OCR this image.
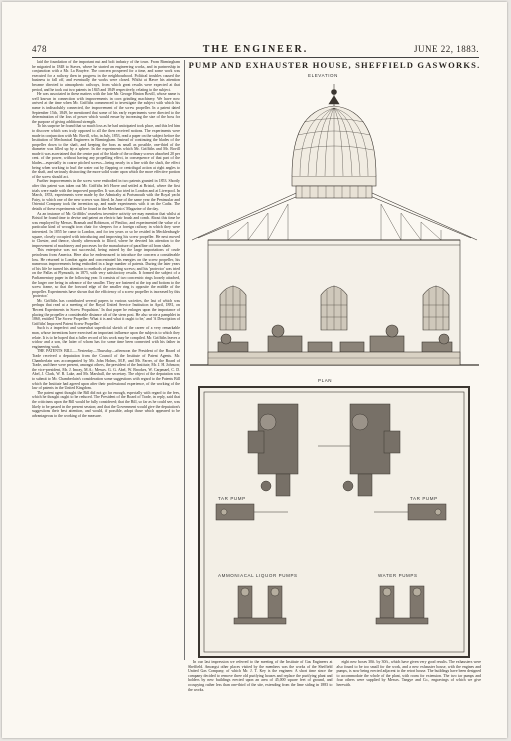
478	THE ENGINEER.	JUNE 22, 1883.
laid the foundation of the important nut and bolt industry of the town. From Birmingham he migrated in 1848 to Staves, where he started an engineering works, and in partnership in conjunction with a Mr. La Bruyère. The concern prospered for a time, and some work was executed for a railway then in progress in the neighbourhood. Political troubles caused the business to fall off, and eventually the works were closed. Whilst at Havre his attention became directed to atmospheric railways, from which great results were expected at that period, and he took out two patents in 1845 and 1849 respectively, relating to the subject.
He was associated in these matters with the late Mr. George Hinton Bovill, whose name is well known in connection with improvements in corn grinding machinery. We have now arrived at the time when Mr. Griffiths commenced to investigate the subject with which his name is indissolubly connected, the improvement of the screw propeller. In a patent dated September 15th, 1849, he mentioned that some of his early experiments were directed to the determination of the loss of power which would ensue by increasing the size of the boss for the purpose of giving additional strength.
To his surprise he found that so much loss as he had anticipated took place, and this led him to discover which was truly opposed to all the then received notions. The experiments were made in conjunction with Mr. Bovill, who, in July, 1853, read a paper on the subject before the Institution of Mechanical Engineers in Birmingham. Instead of continuing the blades of the propeller down to the shaft, and keeping the boss as small as possible, one-third of the diameter was filled up by a sphere. In the experiments which Mr. Griffiths and Mr. Bovill made it was ascertained that the centre part of the blade of the ordinary screws absorbed 20 per cent. of the power, without having any propelling effect, in consequence of that part of the blades—especially in coarse pitched screws—being nearly in a line with the shaft, the effect being when working to hurl the water out by flapping or centrifugal action at right angles to the shaft, and seriously distracting the more solid water upon which the more effective portion of the screw should act.
Further improvements in the screw were embodied in two patents granted in 1853. Shortly after this patent was taken out Mr. Griffiths left Havre and settled at Bristol, where the first trials were made with the improved propeller. It was also tried in London and at Liverpool. In March, 1853, experiments were made by the Admiralty at Portsmouth with the Royal yacht Fairy, to which one of the new screws was fitted. In June of the same year the Peninsular and Oriental Company took the invention up, and made experiments with it on the Cadiz. The details of these experiments will be found in the Mechanics' Magazine of the day.
As an instance of Mr. Griffiths' ceaseless inventive activity we may mention that whilst at Bristol he found time to devise and patent an electric hair brush and comb. About this time he was employed by Messrs. Bramah and Robinson, of Pimlico, and experimented the value of a particular kind of wrought iron chair for sleepers for a foreign railway in which they were interested. In 1855 he came to London, and for ten years or so he resided in Mecklenburgh-square, closely occupied with introducing and improving his screw propeller. He next moved to Chester, and thence, shortly afterwards to Ilford, where he devoted his attention to the improvement of machinery and processes for the manufacture of paraffine oil from shale.
This enterprise was not successful, being ruined by the large importations of crude petroleum from America. Here also he endeavoured to introduce the concern a considerable loss. He returned to London again and concentrated his energies on the screw propeller, his numerous improvements being embodied in a large number of patents. During the later years of his life he turned his attention to methods of protecting screws; and his 'protector' was tried on the Pallas at Plymouth, in 1875, with very satisfactory results. It formed the subject of a Parliamentary paper in the following year. It consists of two concentric rings loosely attached, the larger one being in advance of the smaller. They are fastened at the top and bottom to the screw frame, so that the forward edge of the smaller ring is opposite the middle of the propeller. Experiments have shown that the efficiency of a screw propeller is increased by this 'protector.'
Mr. Griffiths has contributed several papers to various societies, the last of which was perhaps that read at a meeting of the Royal United Service Institution in April, 1881, on 'Recent Experiments in Screw Propulsion.' In that paper he enlarges upon the importance of placing the propeller a considerable distance aft of the stern post. He also wrote a pamphlet in 1860, entitled 'The Screw Propeller: What it is and what it ought to be,' and 'A Description of Griffiths' Improved Patent Screw Propeller.'
Such is a imperfect and somewhat superficial sketch of the career of a very remarkable man, whose inventions have exercised an important influence upon the subjects to which they relate. It is to be hoped that a fuller record of his work may be compiled. Mr. Griffiths leaves a widow and a son, the latter of whom has for some time been connected with his father in engineering work.
THE PATENTS BILL.—Yesterday—Thursday—afternoon the President of the Board of Trade received a deputation from the Council of the Institute of Patent Agents. Mr. Chamberlain was accompanied by Mr. John Holms, M.P., and Mr. Farrer, of the Board of Trade, and there were present, amongst others, the president of the Institute, Mr. J. H. Johnson; the vice-president, Mr. J. Imray, M.A.; Messrs. G. G. Abel, W. Brookes, W. Carpmael, C. D. Abel, J. Clark, W. R. Lake, and Mr. Marshall, the secretary. The object of the deputation was to submit to Mr. Chamberlain's consideration some suggestions with regard to the Patents Bill which the Institute had agreed upon after their professional experience, of the working of the law of patents in the United Kingdom.
The patent agent thought the Bill did not go far enough, especially with regard to the fees, which he thought ought to be reduced. The President of the Board of Trade, in reply, said that the criticisms upon the Bill would be fully considered; that the Bill, so far as he could see, was likely to be passed in the present session; and that the Government would give the deputation's suggestions their best attention, and would, if possible, adopt those which appeared to be advantageous to the working of the measure.
PUMP AND EXHAUSTER HOUSE, SHEFFIELD GASWORKS.
ELEVATION
PLAN
TAR PUMP	TAR PUMP
AMMONIACAL LIQUOR PUMPS	WATER PUMPS
In our last impression we referred to the meeting of the Institute of Gas Engineers at Sheffield. Amongst other places visited by the members was the works of the Sheffield United Gas Company, of which Mr. J. T. Key is the engineer. A short time since the company decided to remove three old purifying houses and replace the purifying plant and holders by new buildings erected upon an area of 45,000 square feet of ground, and occupying rather less than one-third of the site, extending from the lime siding in 1883 to the works.
eight new boxes 30ft. by 30ft., which have given very good results. The exhausters were also found to be too small for the work, and a new exhauster house, with the engines and pumps, is now being erected adjacent to the retort house. The buildings have been designed to accommodate the whole of the plant, with room for extension. The two tar pumps and four others were supplied by Messrs. Tangye and Co., engravings of which we give herewith.
